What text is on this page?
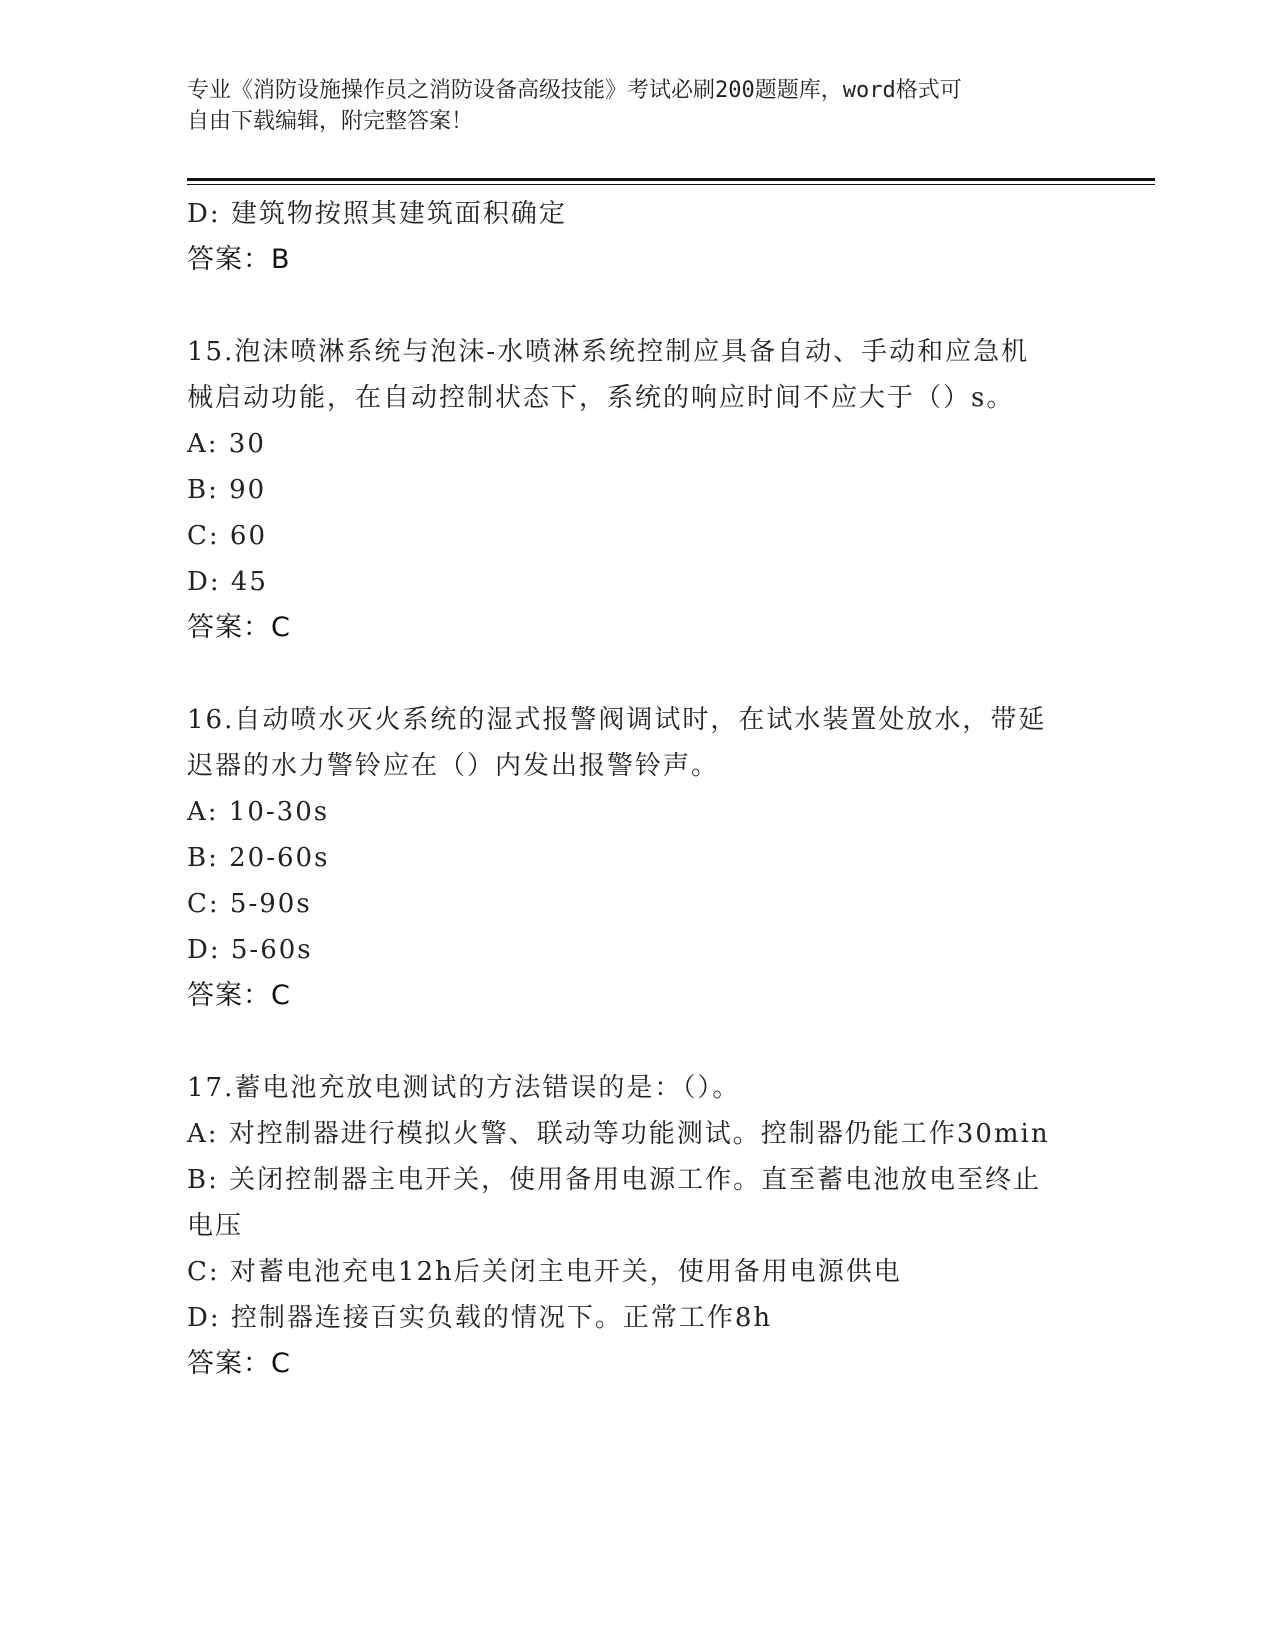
专业《消防设施操作员之消防设备高级技能》考试必刷200题题库，word格式可
自由下载编辑，附完整答案！
D: 建筑物按照其建筑面积确定
答案：B
15.泡沫喷淋系统与泡沫-水喷淋系统控制应具备自动、手动和应急机
械启动功能，在自动控制状态下，系统的响应时间不应大于（）s。
A: 30
B: 90
C: 60
D: 45
答案：C
16.自动喷水灭火系统的湿式报警阀调试时，在试水装置处放水，带延
迟器的水力警铃应在（）内发出报警铃声。
A: 10-30s
B: 20-60s
C: 5-90s
D: 5-60s
答案：C
17.蓄电池充放电测试的方法错误的是：（）。
A: 对控制器进行模拟火警、联动等功能测试。控制器仍能工作30min
B: 关闭控制器主电开关，使用备用电源工作。直至蓄电池放电至终止
电压
C: 对蓄电池充电12h后关闭主电开关，使用备用电源供电
D: 控制器连接百实负载的情况下。正常工作8h
答案：C
